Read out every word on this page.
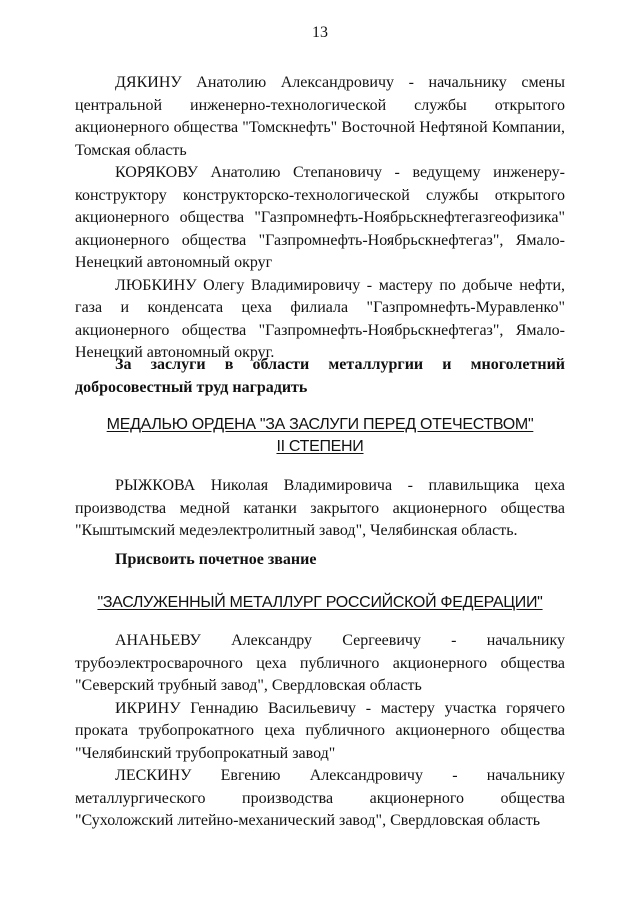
13

ДЯКИНУ Анатолию Александровичу - начальнику смены центральной инженерно-технологической службы открытого акционерного общества "Томскнефть" Восточной Нефтяной Компании, Томская область

КОРЯКОВУ Анатолию Степановичу - ведущему инженеру-конструктору конструкторско-технологической службы открытого акционерного общества "Газпромнефть-Ноябрьскнефтегазгеофизика" акционерного общества "Газпромнефть-Ноябрьскнефтегаз", Ямало-Ненецкий автономный округ

ЛЮБКИНУ Олегу Владимировичу - мастеру по добыче нефти, газа и конденсата цеха филиала "Газпромнефть-Муравленко" акционерного общества "Газпромнефть-Ноябрьскнефтегаз", Ямало-Ненецкий автономный округ.

За заслуги в области металлургии и многолетний добросовестный труд наградить

МЕДАЛЬЮ ОРДЕНА "ЗА ЗАСЛУГИ ПЕРЕД ОТЕЧЕСТВОМ"
II СТЕПЕНИ

РЫЖКОВА Николая Владимировича - плавильщика цеха производства медной катанки закрытого акционерного общества "Кыштымский медеэлектролитный завод", Челябинская область.

Присвоить почетное звание

"ЗАСЛУЖЕННЫЙ МЕТАЛЛУРГ РОССИЙСКОЙ ФЕДЕРАЦИИ"

АНАНЬЕВУ Александру Сергеевичу - начальнику трубоэлектросварочного цеха публичного акционерного общества "Северский трубный завод", Свердловская область

ИКРИНУ Геннадию Васильевичу - мастеру участка горячего проката трубопрокатного цеха публичного акционерного общества "Челябинский трубопрокатный завод"

ЛЕСКИНУ Евгению Александровичу - начальнику металлургического производства акционерного общества "Сухоложский литейно-механический завод", Свердловская область
